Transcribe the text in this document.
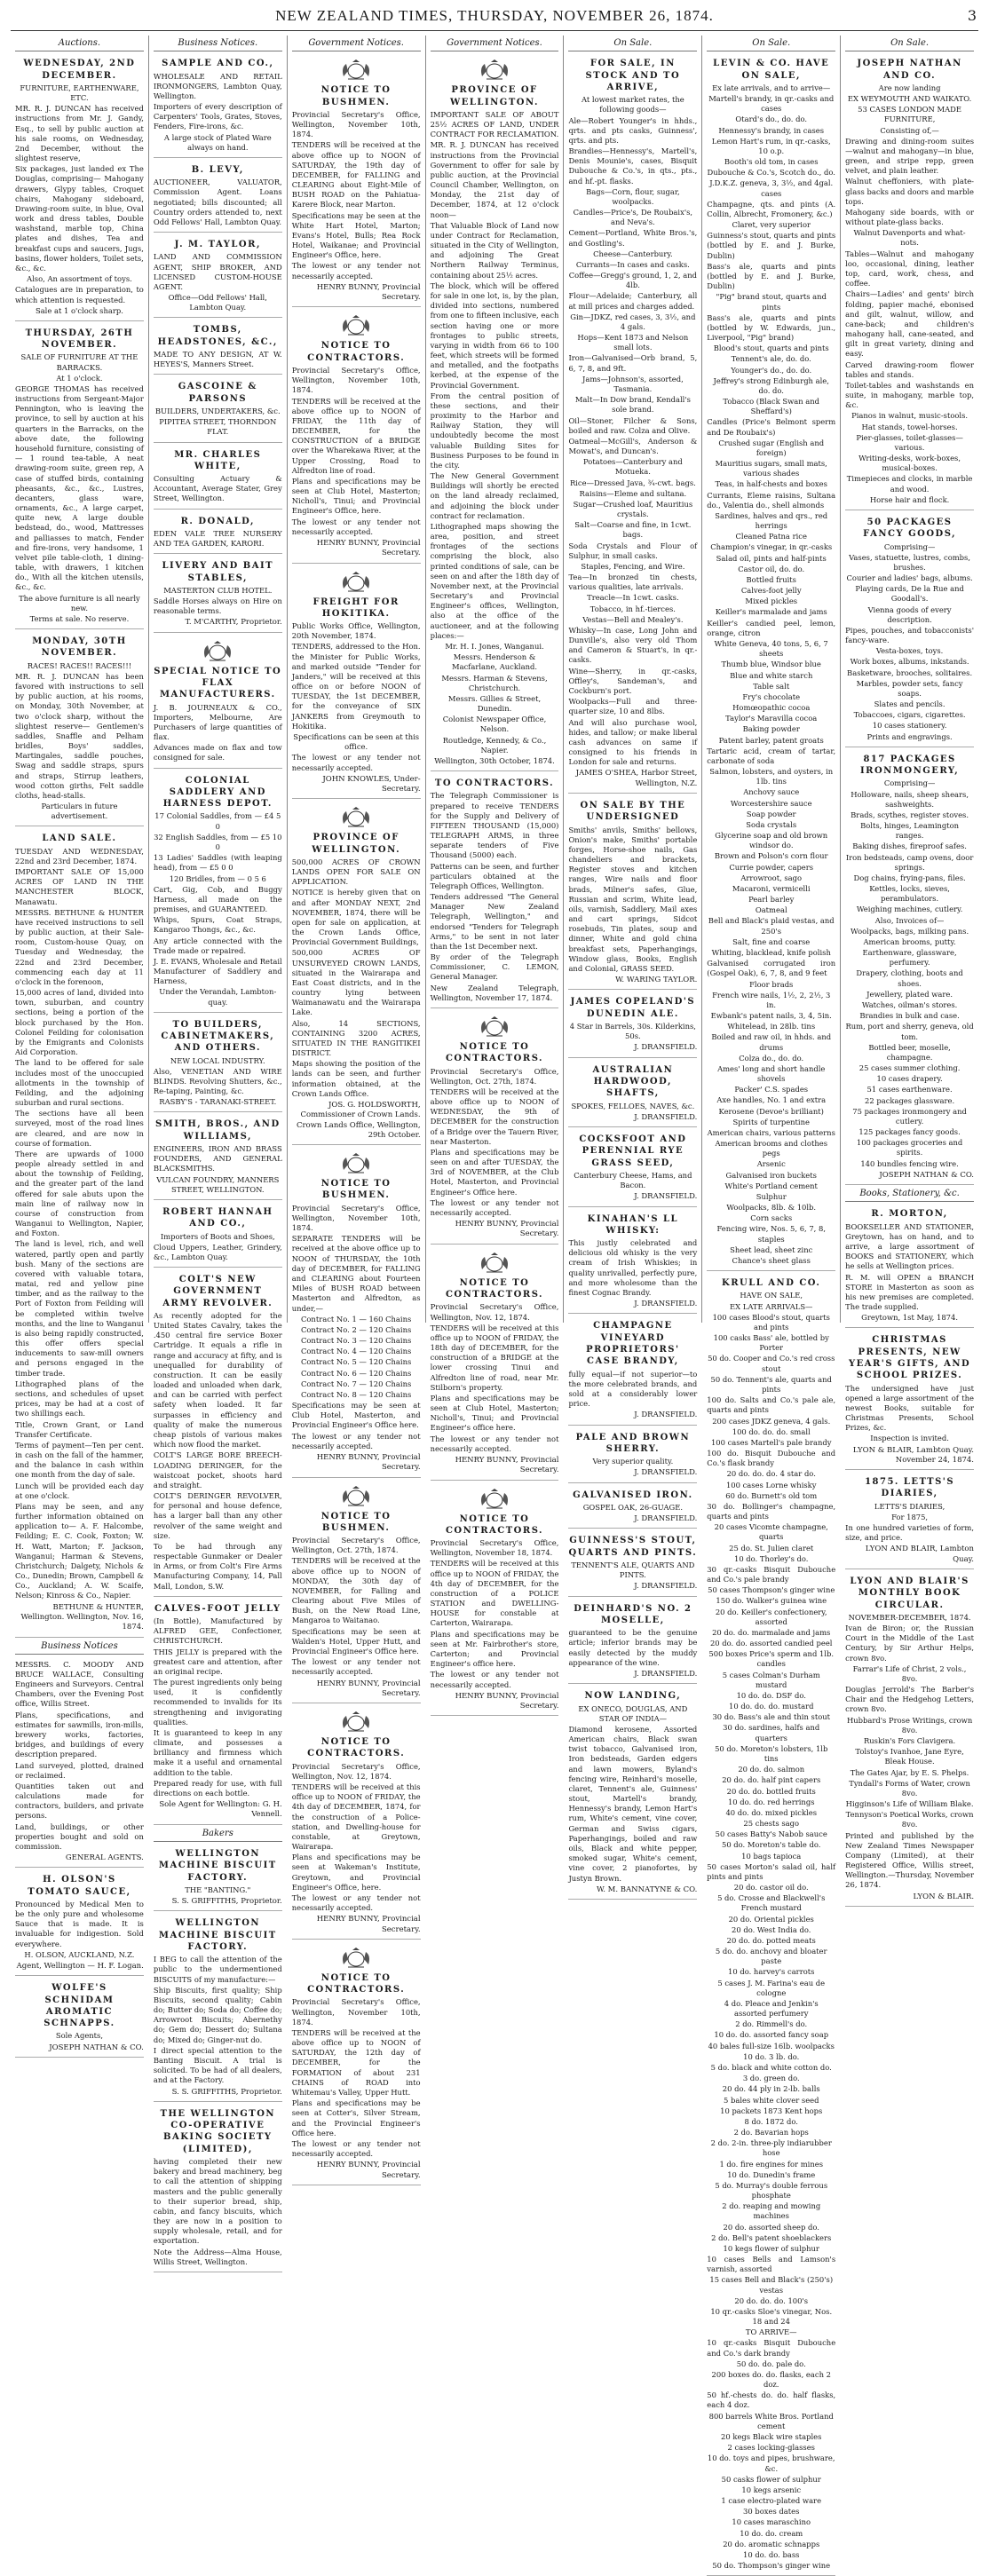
NEW ZEALAND TIMES, THURSDAY, NOVEMBER 26, 1874.	3
Auctions.
WEDNESDAY, 2ND DECEMBER.

FURNITURE, EARTHENWARE, ETC.

MR. R. J. DUNCAN has received instructions from Mr. J. Gandy, Esq., to sell by public auction at his sale rooms, on Wednesday, 2nd December, without the slightest reserve,

Six packages, just landed ex The Douglas, comprising— Mahogany drawers, Glypy tables, Croquet chairs, Mahogany sideboard, Drawing-room suite, in blue, Oval work and dress tables, Double washstand, marble top, China plates and dishes, Tea and breakfast cups and saucers, Jugs, basins, flower holders, Toilet sets, &c., &c.

Also, An assortment of toys.

Catalogues are in preparation, to which attention is requested.

Sale at 1 o'clock sharp.

THURSDAY, 26TH NOVEMBER.

SALE OF FURNITURE AT THE BARRACKS.

At 1 o'clock.

GEORGE THOMAS has received instructions from Sergeant-Major Pennington, who is leaving the province, to sell by auction at his quarters in the Barracks, on the above date, the following household furniture, consisting of— 1 round tea-table, A neat drawing-room suite, green rep, A case of stuffed birds, containing pheasants, &c., &c., Lustres, decanters, glass ware, ornaments, &c., A large carpet, quite new, A large double bedstead, do., wood, Mattresses and palliasses to match, Fender and fire-irons, very handsome, 1 velvet pile table-cloth, 1 dining-table, with drawers, 1 kitchen do., With all the kitchen utensils, &c., &c.

The above furniture is all nearly new.

Terms at sale. No reserve.

MONDAY, 30TH NOVEMBER.

RACES! RACES!! RACES!!!

MR. R. J. DUNCAN has been favored with instructions to sell by public auction, at his rooms, on Monday, 30th November, at two o'clock sharp, without the slightest reserve— Gentlemen's saddles, Snaffle and Pelham bridles, Boys' saddles, Martingales, saddle pouches, Swag and saddle straps, spurs and straps, Stirrup leathers, wood cotton girths, Felt saddle cloths, head-stalls.

Particulars in future advertisement.

LAND SALE.

TUESDAY AND WEDNESDAY, 22nd and 23rd December, 1874.

IMPORTANT SALE OF 15,000 ACRES OF LAND IN THE MANCHESTER BLOCK, Manawatu.

MESSRS. BETHUNE & HUNTER have received instructions to sell by public auction, at their Sale-room, Custom-house Quay, on Tuesday and Wednesday, the 22nd and 23rd December, commencing each day at 11 o'clock in the forenoon,

15,000 acres of land, divided into town, suburban, and country sections, being a portion of the block purchased by the Hon. Colonel Feilding for colonisation by the Emigrants and Colonists Aid Corporation.

The land to be offered for sale includes most of the unoccupied allotments in the township of Feilding, and the adjoining suburban and rural sections.

The sections have all been surveyed, most of the road lines are cleared, and are now in course of formation.

There are upwards of 1000 people already settled in and about the township of Feilding, and the greater part of the land offered for sale abuts upon the main line of railway now in course of construction from Wanganui to Wellington, Napier, and Foxton.

The land is level, rich, and well watered, partly open and partly bush. Many of the sections are covered with valuable totara, matai, red and yellow pine timber, and as the railway to the Port of Foxton from Feilding will be completed within twelve months, and the line to Wanganui is also being rapidly constructed, this offer offers special inducements to saw-mill owners and persons engaged in the timber trade.

Lithographed plans of the sections, and schedules of upset prices, may be had at a cost of two shillings each.

Title, Crown Grant, or Land Transfer Certificate.

Terms of payment—Ten per cent. in cash on the fall of the hammer, and the balance in cash within one month from the day of sale.

Lunch will be provided each day at one o'clock.

Plans may be seen, and any further information obtained on application to— A. F. Halcombe, Feilding; E. C. Cook, Foxton; W. H. Watt, Marton; F. Jackson, Wanganui; Harman & Stevens, Christchurch; Dalgety, Nichols & Co., Dunedin; Brown, Campbell & Co., Auckland; A. W. Scaife, Nelson; Kinross & Co., Napier.

BETHUNE & HUNTER, Wellington. Wellington, Nov. 16, 1874.
Business Notices

MESSRS. C. MOODY AND BRUCE WALLACE, Consulting Engineers and Surveyors. Central Chambers, over the Evening Post office, Willis Street.

Plans, specifications, and estimates for sawmills, iron-mills, brewery works, factories, bridges, and buildings of every description prepared.

Land surveyed, plotted, drained or reclaimed.

Quantities taken out and calculations made for contractors, builders, and private persons.

Land, buildings, or other properties bought and sold on commission.

GENERAL AGENTS.
H. OLSON'S TOMATO SAUCE,

Pronounced by Medical Men to be the only pure and wholesome Sauce that is made. It is invaluable for indigestion. Sold everywhere.

H. OLSON, AUCKLAND, N.Z.

Agent, Wellington — H. F. Logan.
WOLFE'S SCHNIDAM AROMATIC SCHNAPPS.

Sole Agents,

JOSEPH NATHAN & CO.
Business Notices.
SAMPLE AND CO.,

WHOLESALE AND RETAIL IRONMONGERS, Lambton Quay, Wellington.

Importers of every description of Carpenters' Tools, Grates, Stoves, Fenders, Fire-irons, &c.

A large stock of Plated Ware always on hand.

B. LEVY,

AUCTIONEER, VALUATOR, Commission Agent. Loans negotiated; bills discounted; all Country orders attended to, next Odd Fellows' Hall, Lambton Quay.

J. M. TAYLOR,

LAND AND COMMISSION AGENT, SHIP BROKER, AND LICENSED CUSTOM-HOUSE AGENT.

Office—Odd Fellows' Hall, Lambton Quay.

TOMBS, HEADSTONES, &C.,

MADE TO ANY DESIGN, AT W. HEYES'S, Manners Street.

GASCOINE & PARSONS

BUILDERS, UNDERTAKERS, &c.

PIPITEA STREET, THORNDON FLAT.

MR. CHARLES WHITE,

Consulting Actuary & Accountant, Average Stater, Grey Street, Wellington.

R. DONALD,

EDEN VALE TREE NURSERY AND TEA GARDEN, KARORI.

LIVERY AND BAIT STABLES,

MASTERTON CLUB HOTEL.

Saddle Horses always on Hire on reasonable terms.

T. M'CARTHY, Proprietor.
SPECIAL NOTICE TO FLAX MANUFACTURERS.

J. B. JOURNEAUX & CO., Importers, Melbourne, Are Purchasers of large quantities of flax.

Advances made on flax and tow consigned for sale.

COLONIAL SADDLERY AND HARNESS DEPOT.

17 Colonial Saddles, from — £4 5 0

32 English Saddles, from — £5 10 0

13 Ladies' Saddles (with leaping head), from — £5 0 0

120 Bridles, from — 0 5 6

Cart, Gig, Cob, and Buggy Harness, all made on the premises, and GUARANTEED.

Whips, Spurs, Coat Straps, Kangaroo Thongs, &c., &c.

Any article connected with the Trade made or repaired.

J. E. EVANS, Wholesale and Retail Manufacturer of Saddlery and Harness,

Under the Verandah, Lambton-quay.

TO BUILDERS, CABINETMAKERS, AND OTHERS.

NEW LOCAL INDUSTRY.

Also, VENETIAN AND WIRE BLINDS. Revolving Shutters, &c., Re-taping, Painting, &c.

RASBY'S - TARANAKI-STREET.

SMITH, BROS., AND WILLIAMS,

ENGINEERS, IRON AND BRASS FOUNDERS, AND GENERAL BLACKSMITHS.

VULCAN FOUNDRY, MANNERS STREET, WELLINGTON.

ROBERT HANNAH AND CO.,

Importers of Boots and Shoes,

Cloud Uppers, Leather, Grindery, &c., Lambton Quay.

COLT'S NEW GOVERNMENT ARMY REVOLVER.

As recently adopted for the United States Cavalry, takes the .450 central fire service Boxer Cartridge. It equals a rifle in range and accuracy at fifty, and is unequalled for durability of construction. It can be easily loaded and unloaded when dark, and can be carried with perfect safety when loaded. It far surpasses in efficiency and quality of make the numerous cheap pistols of various makes which now flood the market.

COLT'S LARGE BORE BREECH-LOADING DERINGER, for the waistcoat pocket, shoots hard and straight.

COLT'S DERINGER REVOLVER, for personal and house defence, has a larger ball than any other revolver of the same weight and size.

To be had through any respectable Gunmaker or Dealer in Arms, or from Colt's Fire Arms Manufacturing Company, 14, Pall Mall, London, S.W.

CALVES-FOOT JELLY

(In Bottle), Manufactured by ALFRED GEE, Confectioner, CHRISTCHURCH.

THIS JELLY is prepared with the greatest care and attention, after an original recipe.

The purest ingredients only being used, it is confidently recommended to invalids for its strengthening and invigorating qualities.

It is guaranteed to keep in any climate, and possesses a brilliancy and firmness which make it a useful and ornamental addition to the table.

Prepared ready for use, with full directions on each bottle.

Sole Agent for Wellington: G. H. Vennell.
Bakers
WELLINGTON MACHINE BISCUIT FACTORY.

THE "BANTING."

S. S. GRIFFITHS, Proprietor.
WELLINGTON MACHINE BISCUIT FACTORY.

I BEG to call the attention of the public to the undermentioned BISCUITS of my manufacture:—

Ship Biscuits, first quality; Ship Biscuits, second quality; Cabin do; Butter do; Soda do; Coffee do; Arrowroot Biscuits; Abernethy do; Gem do; Dessert do; Sultana do; Mixed do; Ginger-nut do.

I direct special attention to the Banting Biscuit. A trial is solicited. To be had of all dealers, and at the Factory.

S. S. GRIFFITHS, Proprietor.
THE WELLINGTON CO-OPERATIVE BAKING SOCIETY (LIMITED),

having completed their new bakery and bread machinery, beg to call the attention of shipping masters and the public generally to their superior bread, ship, cabin, and fancy biscuits, which they are now in a position to supply wholesale, retail, and for exportation.

Note the Address—Alma House, Willis Street, Wellington.

Government Notices.
NOTICE TO BUSHMEN.

Provincial Secretary's Office, Wellington, November 10th, 1874.

TENDERS will be received at the above office up to NOON of SATURDAY, the 19th day of DECEMBER, for FALLING and CLEARING about Eight-Mile of BUSH ROAD on the Pahiatua-Karere Block, near Marton.

Specifications may be seen at the White Hart Hotel, Marton; Evans's Hotel, Bulls; Rea Rock Hotel, Waikanae; and Provincial Engineer's Office, here.

The lowest or any tender not necessarily accepted.

HENRY BUNNY, Provincial Secretary.
NOTICE TO CONTRACTORS.

Provincial Secretary's Office, Wellington, November 10th, 1874.

TENDERS will be received at the above office up to NOON of FRIDAY, the 11th day of DECEMBER, for the CONSTRUCTION of a BRIDGE over the Wharekawa River, at the Upper Crossing, Road to Alfredton line of road.

Plans and specifications may be seen at Club Hotel, Masterton; Nicholl's, Tinui; and Provincial Engineer's Office, here.

The lowest or any tender not necessarily accepted.

HENRY BUNNY, Provincial Secretary.
FREIGHT FOR HOKITIKA.

Public Works Office, Wellington, 20th November, 1874.

TENDERS, addressed to the Hon. the Minister for Public Works, and marked outside "Tender for Janders," will be received at this office on or before NOON of TUESDAY, the 1st DECEMBER, for the conveyance of SIX JANKERS from Greymouth to Hokitika.

Specifications can be seen at this office.

The lowest or any tender not necessarily accepted.

JOHN KNOWLES, Under-Secretary.
PROVINCE OF WELLINGTON.

500,000 ACRES OF CROWN LANDS OPEN FOR SALE ON APPLICATION.

NOTICE is hereby given that on and after MONDAY NEXT, 2nd NOVEMBER, 1874, there will be open for sale on application, at the Crown Lands Office, Provincial Government Buildings,

500,000 ACRES OF UNSURVEYED CROWN LANDS, situated in the Wairarapa and East Coast districts, and in the country lying between Waimanawatu and the Wairarapa Lake.

Also, 14 SECTIONS, CONTAINING 3200 ACRES, SITUATED IN THE RANGITIKEI DISTRICT.

Maps showing the position of the lands can be seen, and further information obtained, at the Crown Lands Office.

JOS. G. HOLDSWORTH, Commissioner of Crown Lands. Crown Lands Office, Wellington, 29th October.
NOTICE TO BUSHMEN.

Provincial Secretary's Office, Wellington, November 10th, 1874.

SEPARATE TENDERS will be received at the above office up to NOON of THURSDAY, the 10th day of DECEMBER, for FALLING and CLEARING about Fourteen Miles of BUSH ROAD between Masterton and Alfredton, as under,—

Contract No. 1 — 160 Chains

Contract No. 2 — 120 Chains

Contract No. 3 — 120 Chains

Contract No. 4 — 120 Chains

Contract No. 5 — 120 Chains

Contract No. 6 — 120 Chains

Contract No. 7 — 120 Chains

Contract No. 8 — 120 Chains

Specifications may be seen at Club Hotel, Masterton, and Provincial Engineer's Office here.

The lowest or any tender not necessarily accepted.

HENRY BUNNY, Provincial Secretary.
NOTICE TO BUSHMEN.

Provincial Secretary's Office, Wellington, Oct. 27th, 1874.

TENDERS will be received at the above office up to NOON of MONDAY, the 30th day of NOVEMBER, for Falling and Clearing about Five Miles of Bush, on the New Road Line, Mangaroa to Waitanao.

Specifications may be seen at Walden's Hotel, Upper Hutt, and Provincial Engineer's Office here.

The lowest or any tender not necessarily accepted.

HENRY BUNNY, Provincial Secretary.
NOTICE TO CONTRACTORS.

Provincial Secretary's Office, Wellington, Nov. 12, 1874.

TENDERS will be received at this office up to NOON of FRIDAY, the 4th day of DECEMBER, 1874, for the construction of a Police-station, and Dwelling-house for constable, at Greytown, Wairarapa.

Plans and specifications may be seen at Wakeman's Institute, Greytown, and Provincial Engineer's Office, here.

The lowest or any tender not necessarily accepted.

HENRY BUNNY, Provincial Secretary.
NOTICE TO CONTRACTORS.

Provincial Secretary's Office, Wellington, November 10th, 1874.

TENDERS will be received at the above office up to NOON of SATURDAY, the 12th day of DECEMBER, for the FORMATION of about 231 CHAINS of ROAD into Whitemau's Valley, Upper Hutt.

Plans and specifications may be seen at Cotter's, Silver Stream, and the Provincial Engineer's Office here.

The lowest or any tender not necessarily accepted.

HENRY BUNNY, Provincial Secretary.
Government Notices.
PROVINCE OF WELLINGTON.

IMPORTANT SALE OF ABOUT 25½ ACRES OF LAND, UNDER CONTRACT FOR RECLAMATION.

MR. R. J. DUNCAN has received instructions from the Provincial Government to offer for sale by public auction, at the Provincial Council Chamber, Wellington, on Monday, the 21st day of December, 1874, at 12 o'clock noon—

That Valuable Block of Land now under Contract for Reclamation, situated in the City of Wellington, and adjoining The Great Northern Railway Terminus, containing about 25½ acres.

The block, which will be offered for sale in one lot, is, by the plan, divided into sections, numbered from one to fifteen inclusive, each section having one or more frontages to public streets, varying in width from 66 to 100 feet, which streets will be formed and metalled, and the footpaths kerbed, at the expense of the Provincial Government.

From the central position of these sections, and their proximity to the Harbor and Railway Station, they will undoubtedly become the most valuable Building Sites for Business Purposes to be found in the city.

The New General Government Buildings will shortly be erected on the land already reclaimed, and adjoining the block under contract for reclamation.

Lithographed maps showing the area, position, and street frontages of the sections comprising the block, also printed conditions of sale, can be seen on and after the 18th day of November next, at the Provincial Secretary's and Provincial Engineer's offices, Wellington, also at the office of the auctioneer, and at the following places:—

Mr. H. I. Jones, Wanganui.

Messrs. Henderson & Macfarlane, Auckland.

Messrs. Harman & Stevens, Christchurch.

Messrs. Gillies & Street, Dunedin.

Colonist Newspaper Office, Nelson.

Routledge, Kennedy, & Co., Napier.

Wellington, 30th October, 1874.

TO CONTRACTORS.

The Telegraph Commissioner is prepared to receive TENDERS for the Supply and Delivery of FIFTEEN THOUSAND (15,000) TELEGRAPH ARMS, in three separate tenders of Five Thousand (5000) each.

Patterns can be seen, and further particulars obtained at the Telegraph Offices, Wellington.

Tenders addressed "The General Manager New Zealand Telegraph, Wellington," and endorsed "Tenders for Telegraph Arms," to be sent in not later than the 1st December next.

By order of the Telegraph Commissioner, C. LEMON, General Manager.

New Zealand Telegraph, Wellington, November 17, 1874.

NOTICE TO CONTRACTORS.

Provincial Secretary's Office, Wellington, Oct. 27th, 1874.

TENDERS will be received at the above office up to NOON of WEDNESDAY, the 9th of DECEMBER for the construction of a Bridge over the Tauern River, near Masterton.

Plans and specifications may be seen on and after TUESDAY, the 3rd of NOVEMBER, at the Club Hotel, Masterton, and Provincial Engineer's Office here.

The lowest or any tender not necessarily accepted.

HENRY BUNNY, Provincial Secretary.
NOTICE TO CONTRACTORS.

Provincial Secretary's Office, Wellington, Nov. 12, 1874.

TENDERS will be received at this office up to NOON of FRIDAY, the 18th day of DECEMBER, for the construction of a BRIDGE at the lower crossing Tinui and Alfredton line of road, near Mr. Stilborn's property.

Plans and specifications may be seen at Club Hotel, Masterton; Nicholl's, Tinui; and Provincial Engineer's office here.

The lowest or any tender not necessarily accepted.

HENRY BUNNY, Provincial Secretary.
NOTICE TO CONTRACTORS.

Provincial Secretary's Office, Wellington, November 18, 1874.

TENDERS will be received at this office up to NOON of FRIDAY, the 4th day of DECEMBER, for the construction of a POLICE STATION and DWELLING-HOUSE for constable at Carterton, Wairarapa.

Plans and specifications may be seen at Mr. Fairbrother's store, Carterton; and Provincial Engineer's office here.

The lowest or any tender not necessarily accepted.

HENRY BUNNY, Provincial Secretary.
On Sale.
FOR SALE, IN STOCK AND TO ARRIVE,

At lowest market rates, the following goods—

Ale—Robert Younger's in hhds., qrts. and pts casks, Guinness', qrts. and pts.

Brandies—Hennessy's, Martell's, Denis Mounie's, cases, Bisquit Dubouche & Co.'s, in qts., pts., and hf.-pt. flasks.

Bags—Corn, flour, sugar, woolpacks.

Candles—Price's, De Roubaix's, and Neva's.

Cement—Portland, White Bros.'s, and Gostling's.

Cheese—Canterbury.

Currants—In cases and casks.

Coffee—Gregg's ground, 1, 2, and 4lb.

Flour—Adelaide; Canterbury, all at mill prices and charges added.

Gin—JDKZ, red cases, 3, 3½, and 4 gals.

Hops—Kent 1873 and Nelson small lots.

Iron—Galvanised—Orb brand, 5, 6, 7, 8, and 9ft.

Jams—Johnson's, assorted, Tasmania.

Malt—In Dow brand, Kendall's sole brand.

Oil—Stoner, Filcher & Sons, boiled and raw. Colza and Olive.

Oatmeal—McGill's, Anderson & Mowat's, and Duncan's.

Potatoes—Canterbury and Motueka.

Rice—Dressed Java, ¾-cwt. bags.

Raisins—Eleme and sultana.

Sugar—Crushed loaf, Mauritius crystals.

Salt—Coarse and fine, in 1cwt. bags.

Soda Crystals and Flour of Sulphur, in small casks.

Staples, Fencing, and Wire.

Tea—In bronzed tin chests, various qualities, late arrivals.

Treacle—In 1cwt. casks.

Tobacco, in hf.-tierces.

Vestas—Bell and Mealey's.

Whisky—In case, Long John and Dunville's, also very old Thom and Cameron & Stuart's, in qr.-casks.

Wine—Sherry, in qr.-casks, Offley's, Sandeman's, and Cockburn's port.

Woolpacks—Full and three-quarter size, 10 and 8lbs.

And will also purchase wool, hides, and tallow; or make liberal cash advances on same if consigned to his friends in London for sale and returns.

JAMES O'SHEA, Harbor Street, Wellington, N.Z.
ON SALE BY THE UNDERSIGNED

Smiths' anvils, Smiths' bellows, Onion's make, Smiths' portable forges, Horse-shoe nails, Gas chandeliers and brackets, Register stoves and kitchen ranges, Wire nails and floor brads, Milner's safes, Glue, Russian and scrim, White lead, oils, varnish, Saddlery, Mail axes and cart springs, Sidcot rosebuds, Tin plates, soup and dinner, White and gold china breakfast sets, Paperhangings, Window glass, Books, English and Colonial, GRASS SEED.

W. WARING TAYLOR.
JAMES COPELAND'S DUNEDIN ALE.

4 Star in Barrels, 30s. Kilderkins, 50s.

J. DRANSFIELD.
AUSTRALIAN HARDWOOD, SHAFTS,

SPOKES, FELLOES, NAVES, &c.

J. DRANSFIELD.
COCKSFOOT AND PERENNIAL RYE GRASS SEED,

Canterbury Cheese, Hams, and Bacon.

J. DRANSFIELD.
KINAHAN'S LL WHISKY:

This justly celebrated and delicious old whisky is the very cream of Irish Whiskies; in quality unrivalled, perfectly pure, and more wholesome than the finest Cognac Brandy.

J. DRANSFIELD.
CHAMPAGNE VINEYARD PROPRIETORS' CASE BRANDY,

fully equal—if not superior—to the more celebrated brands, and sold at a considerably lower price.

J. DRANSFIELD.
PALE AND BROWN SHERRY.

Very superior quality.

J. DRANSFIELD.
GALVANISED IRON.

GOSPEL OAK, 26-GUAGE.

J. DRANSFIELD.
GUINNESS'S STOUT, QUARTS AND PINTS.

TENNENT'S ALE, QUARTS AND PINTS.

J. DRANSFIELD.
DEINHARD'S NO. 2 MOSELLE,

guaranteed to be the genuine article; inferior brands may be easily detected by the muddy appearance of the wine.

J. DRANSFIELD.
NOW LANDING,

EX ONECO, DOUGLAS, AND STAR OF INDIA—

Diamond kerosene, Assorted American chairs, Black swan twist tobacco, Galvanised iron, Iron bedsteads, Garden edgers and lawn mowers, Byland's fencing wire, Reinhard's moselle, claret, Tennent's ale, Guinness' stout, Martell's brandy, Hennessy's brandy, Lemon Hart's rum, White's cement, vine cover, German and Swiss cigars, Paperhangings, boiled and raw oils, Black and white pepper, smoked sugar, White's cement, vine cover, 2 pianofortes, by Justyn Brown.

W. M. BANNATYNE & CO.
On Sale.
LEVIN & CO. HAVE ON SALE,

Ex late arrivals, and to arrive—

Martell's brandy, in qr.-casks and cases

Otard's do., do. do.

Hennessy's brandy, in cases

Lemon Hart's rum, in qr.-casks, 10 o.p.

Booth's old tom, in cases

Dubouche & Co.'s, Scotch do., do.

J.D.K.Z. geneva, 3, 3½, and 4gal. cases

Champagne, qts. and pints (A. Collin, Albrecht, Fromonery, &c.)

Claret, very superior

Guinness's stout, quarts and pints (bottled by E. and J. Burke, Dublin)

Bass's ale, quarts and pints (bottled by E. and J. Burke, Dublin)

"Pig" brand stout, quarts and pints

Bass's ale, quarts and pints (bottled by W. Edwards, jun., Liverpool, "Pig" brand)

Blood's stout, quarts and pints

Tennent's ale, do. do.

Younger's do., do. do.

Jeffrey's strong Edinburgh ale, do. do.

Tobacco (Black Swan and Sheffard's)

Candles (Price's Belmont sperm and De Roubaix's)

Crushed sugar (English and foreign)

Mauritius sugars, small mats, various shades

Teas, in half-chests and boxes

Currants, Eleme raisins, Sultana do., Valentia do., shell almonds

Sardines, halves and qrs., red herrings

Cleaned Patna rice

Champion's vinegar, in qr.-casks

Salad oil, pints and half-pints

Castor oil, do. do.

Bottled fruits

Calves-foot jelly

Mixed pickles

Keiller's marmalade and jams

Keiller's candied peel, lemon, orange, citron

White Geneva, 40 tons, 5, 6, 7 sheets

Thumb blue, Windsor blue

Blue and white starch

Table salt

Fry's chocolate

Homœopathic cocoa

Taylor's Maravilla cocoa

Baking powder

Patent barley, patent groats

Tartaric acid, cream of tartar, carbonate of soda

Salmon, lobsters, and oysters, in 1lb. tins

Anchovy sauce

Worcestershire sauce

Soap powder

Soda crystals

Glycerine soap and old brown windsor do.

Brown and Polson's corn flour

Currie powder, capers

Arrowroot, sago

Macaroni, vermicelli

Pearl barley

Oatmeal

Bell and Black's plaid vestas, and 250's

Salt, fine and coarse

Whiting, blacklead, knife polish

Galvanised corrugated iron (Gospel Oak), 6, 7, 8, and 9 feet

Floor brads

French wire nails, 1½, 2, 2½, 3 in.

Ewbank's patent nails, 3, 4, 5in.

Whitelead, in 28lb. tins

Boiled and raw oil, in hhds. and drums

Colza do., do. do.

Ames' long and short handle shovels

Packer' C.S. spades

Axe handles, No. 1 and extra

Kerosene (Devoe's brilliant)

Spirits of turpentine

American chairs, various patterns

American brooms and clothes pegs

Arsenic

Galvanised iron buckets

White's Portland cement

Sulphur

Woolpacks, 8lb. & 10lb.

Corn sacks

Fencing wire, Nos. 5, 6, 7, 8, staples

Sheet lead, sheet zinc

Chance's sheet glass

KRULL AND CO.

HAVE ON SALE,

EX LATE ARRIVALS—

100 cases Blood's stout, quarts and pints

100 casks Bass' ale, bottled by Porter

50 do. Cooper and Co.'s red cross stout

50 do. Tennent's ale, quarts and pints

100 do. Salts and Co.'s pale ale, quarts and pints

200 cases JDKZ geneva, 4 gals.

100 do. do. do. small

100 cases Martell's pale brandy

100 do. Bisquit Dubouche and Co.'s flask brandy

20 do. do. do. 4 star do.

100 cases Lorne whisky

60 do. Burnett's old tom

30 do. Bollinger's champagne, quarts and pints

20 cases Vicomte champagne, quarts

25 do. St. Julien claret

10 do. Thorley's do.

30 qr.-casks Bisquit Dubouche and Co.'s pale brandy

50 cases Thompson's ginger wine

150 do. Walker's guinea wine

20 do. Keiller's confectionery, assorted

20 do. do. marmalade and jams

20 do. do. assorted candied peel

500 boxes Price's sperm and 1lb. candles

5 cases Colman's Durham mustard

10 do. do. DSF do.

10 do. do. do. mustard

30 do. Bass's ale and thin stout

30 do. sardines, halfs and quarters

50 do. Moreton's lobsters, 1lb tins

20 do. do. salmon

20 do. do. half pint capers

20 do. do. bottled fruits

10 do. do. red herrings

40 do. do. mixed pickles

25 chests sago

50 cases Batty's Nabob sauce

50 do. Moreton's table do.

10 bags tapioca

50 cases Morton's salad oil, half pints and pints

20 do. castor oil do.

5 do. Crosse and Blackwell's French mustard

20 do. Oriental pickles

20 do. West India do.

20 do. do. potted meats

5 do. do. anchovy and bloater paste

10 do. harvey's carrots

5 cases J. M. Farina's eau de cologne

4 do. Pleace and Jenkin's assorted perfumery

2 do. Rimmell's do.

10 do. do. assorted fancy soap

40 bales full-size 16lb. woolpacks

10 do. 3 lb. do.

5 do. black and white cotton do.

3 do. green do.

20 do. 44 ply in 2-lb. balls

5 bales white clover seed

10 packets 1873 Kent hops

8 do. 1872 do.

2 do. Bavarian hops

2 do. 2-in. three-ply indiarubber hose

1 do. fire engines for mines

10 do. Dunedin's frame

5 do. Murray's double ferrous phosphate

2 do. reaping and mowing machines

20 do. assorted sheep do.

2 do. Bell's patent shoeblackers

10 kegs flower of sulphur

10 cases Bells and Lamson's varnish, assorted

15 cases Bell and Black's (250's) vestas

20 do. do. do. 100's

10 qr.-casks Sloe's vinegar, Nos. 18 and 24

TO ARRIVE—

10 qr.-casks Bisquit Dubouche and Co.'s dark brandy

50 do. do. pale do.

200 boxes do. do. flasks, each 2 doz.

50 hf.-chests do. do. half flasks, each 4 doz.

800 barrels White Bros. Portland cement

20 kegs Black wire staples

2 cases locking-glasses

10 do. toys and pipes, brushware, &c.

50 casks flower of sulphur

10 kegs arsenic

1 case electro-plated ware

30 boxes dates

10 cases maraschino

10 do. do. cream

20 do. aromatic schnapps

10 do. do. bass

50 do. Thompson's ginger wine

On Sale.
JOSEPH NATHAN AND CO.

Are now landing

EX WEYMOUTH AND WAIKATO.

53 CASES LONDON MADE FURNITURE,

Consisting of,—

Drawing and dining-room suites—walnut and mahogany—in blue, green, and stripe repp, green velvet, and plain leather.

Walnut cheffoniers, with plate-glass backs and doors and marble tops.

Mahogany side boards, with or without plate-glass backs.

Walnut Davenports and what-nots.

Tables—Walnut and mahogany loo, occasional, dining, leather top, card, work, chess, and coffee.

Chairs—Ladies' and gents' birch folding, papier maché, ebonised and gilt, walnut, willow, and cane-back; and children's mahogany hall, cane-seated, and gilt in great variety, dining and easy.

Carved drawing-room flower tables and stands.

Toilet-tables and washstands en suite, in mahogany, marble top, &c.

Pianos in walnut, music-stools.

Hat stands, towel-horses.

Pier-glasses, toilet-glasses—various.

Writing-desks, work-boxes, musical-boxes.

Timepieces and clocks, in marble and wood.

Horse hair and flock.

50 PACKAGES FANCY GOODS,

Comprising—

Vases, statuette, lustres, combs, brushes.

Courier and ladies' bags, albums.

Playing cards, De la Rue and Goodall's.

Vienna goods of every description.

Pipes, pouches, and tobacconists' fancy-ware.

Vesta-boxes, toys.

Work boxes, albums, inkstands.

Basketware, brooches, solitaires.

Marbles, powder sets, fancy soaps.

Slates and pencils.

Tobaccoes, cigars, cigarettes.

10 cases stationery.

Prints and engravings.

817 PACKAGES IRONMONGERY,

Comprising—

Holloware, nails, sheep shears, sashweights.

Brads, scythes, register stoves.

Bolts, hinges, Leamington ranges.

Baking dishes, fireproof safes.

Iron bedsteads, camp ovens, door springs.

Dog chains, frying-pans, files.

Kettles, locks, sieves, perambulators.

Weighing machines, cutlery.

Also, Invoices of—

Woolpacks, bags, milking pans.

American brooms, putty.

Earthenware, glassware, perfumery.

Drapery, clothing, boots and shoes.

Jewellery, plated ware.

Watches, oilman's stores.

Brandies in bulk and case.

Rum, port and sherry, geneva, old tom.

Bottled beer, moselle, champagne.

25 cases summer clothing.

10 cases drapery.

51 cases earthenware.

22 packages glassware.

75 packages ironmongery and cutlery.

125 packages fancy goods.

100 packages groceries and spirits.

140 bundles fencing wire.

JOSEPH NATHAN & CO.
Books, Stationery, &c.
R. MORTON,

BOOKSELLER AND STATIONER, Greytown, has on hand, and to arrive, a large assortment of BOOKS and STATIONERY, which he sells at Wellington prices.

R. M. will OPEN a BRANCH STORE in Masterton as soon as his new premises are completed. The trade supplied.

Greytown, 1st May, 1874.

CHRISTMAS PRESENTS, NEW YEAR'S GIFTS, AND SCHOOL PRIZES.

The undersigned have just opened a large assortment of the newest Books, suitable for Christmas Presents, School Prizes, &c.

Inspection is invited.

LYON & BLAIR, Lambton Quay. November 24, 1874.
1875. LETTS'S DIARIES,

LETTS'S DIARIES,

For 1875,

In one hundred varieties of form, size, and price.

LYON AND BLAIR, Lambton Quay.
LYON AND BLAIR'S MONTHLY BOOK CIRCULAR.

NOVEMBER-DECEMBER, 1874.

Ivan de Biron; or, the Russian Court in the Middle of the Last Century, by Sir Arthur Helps, crown 8vo.

Farrar's Life of Christ, 2 vols., 8vo.

Douglas Jerrold's The Barber's Chair and the Hedgehog Letters, crown 8vo.

Hubbard's Prose Writings, crown 8vo.

Ruskin's Fors Clavigera.

Tolstoy's Ivanhoe, Jane Eyre, Bleak House.

The Gates Ajar, by E. S. Phelps.

Tyndall's Forms of Water, crown 8vo.

Higginson's Life of William Blake.

Tennyson's Poetical Works, crown 8vo.

Printed and published by the New Zealand Times Newspaper Company (Limited), at their Registered Office, Willis street, Wellington.—Thursday, November 26, 1874.

LYON & BLAIR.
